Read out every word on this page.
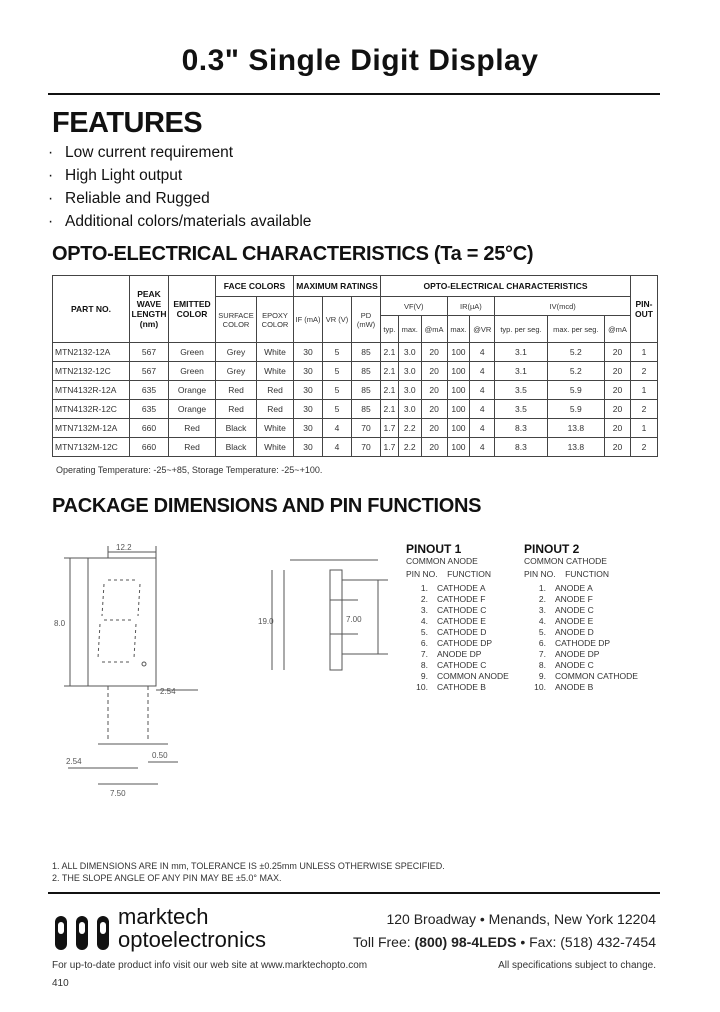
0.3" Single Digit Display
FEATURES
· Low current requirement
· High Light output
· Reliable and Rugged
· Additional colors/materials available
OPTO-ELECTRICAL CHARACTERISTICS (Ta = 25°C)
PART NO.	PEAK WAVE LENGTH (nm)	EMITTED COLOR	FACE COLORS		MAXIMUM RATINGS			OPTO-ELECTRICAL CHARACTERISTICS								PIN-OUT
			SURFACE COLOR	EPOXY COLOR	IF (mA)	VR (V)	PD (mW)	VF(V)			IR(µA)		IV(mcd)			
								typ.	max.	@mA	max.	@VR	typ. per seg.	max. per seg.	@mA	
MTN2132-12A	567	Green	Grey	White	30	5	85	2.1	3.0	20	100	4	3.1	5.2	20	1
MTN2132-12C	567	Green	Grey	White	30	5	85	2.1	3.0	20	100	4	3.1	5.2	20	2
MTN4132R-12A	635	Orange	Red	Red	30	5	85	2.1	3.0	20	100	4	3.5	5.9	20	1
MTN4132R-12C	635	Orange	Red	Red	30	5	85	2.1	3.0	20	100	4	3.5	5.9	20	2
MTN7132M-12A	660	Red	Black	White	30	4	70	1.7	2.2	20	100	4	8.3	13.8	20	1
MTN7132M-12C	660	Red	Black	White	30	4	70	1.7	2.2	20	100	4	8.3	13.8	20	2
Operating Temperature: -25~+85, Storage Temperature: -25~+100.
PACKAGE DIMENSIONS AND PIN FUNCTIONS
12.2
8.0
2.54
19.0	7.00
2.54
0.50
7.50
PINOUT 1
COMMON ANODE
PIN NO. FUNCTION
1. CATHODE A
2. CATHODE F
3. CATHODE C
4. CATHODE E
5. CATHODE D
6. CATHODE DP
7. ANODE DP
8. CATHODE C
9. COMMON ANODE
10. CATHODE B
PINOUT 2
COMMON CATHODE
PIN NO. FUNCTION
1. ANODE A
2. ANODE F
3. ANODE C
4. ANODE E
5. ANODE D
6. CATHODE DP
7. ANODE DP
8. ANODE C
9. COMMON CATHODE
10. ANODE B
1. ALL DIMENSIONS ARE IN mm, TOLERANCE IS ±0.25mm UNLESS OTHERWISE SPECIFIED.
2. THE SLOPE ANGLE OF ANY PIN MAY BE ±5.0° MAX.
marktech
optoelectronics
120 Broadway • Menands, New York 12204
Toll Free: (800) 98-4LEDS • Fax: (518) 432-7454
For up-to-date product info visit our web site at www.marktechopto.com	All specifications subject to change.
410
